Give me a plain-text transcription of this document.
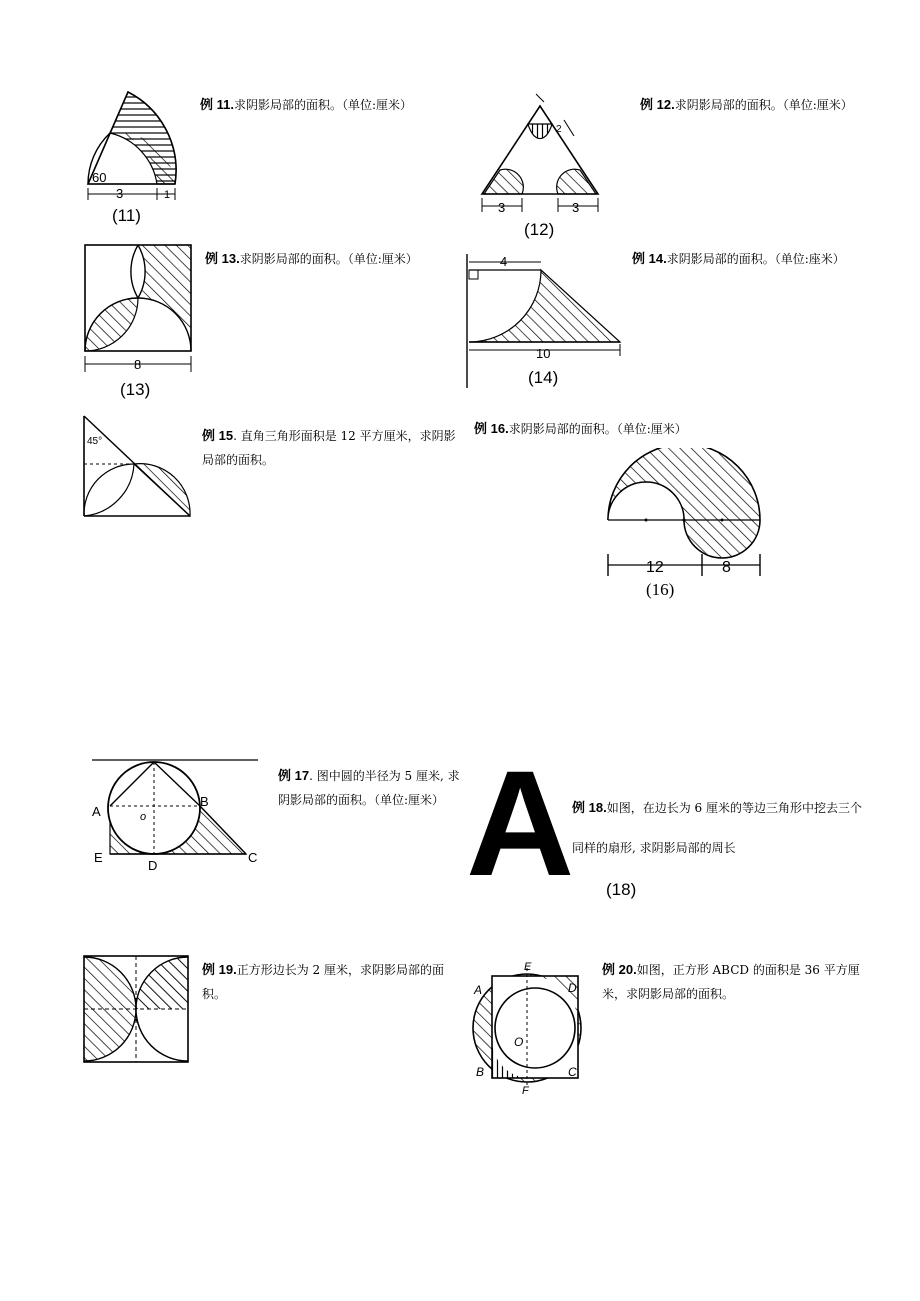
60
3	1
(11)
例 11.求阴影局部的面积。（单位:厘米）
2
3	3
(12)
例 12.求阴影局部的面积。（单位:厘米）
8
(13)
例 13.求阴影局部的面积。（单位:厘米）	4
10
(14)
例 14.求阴影局部的面积。（单位:座米）
45°	例 15. 直角三角形面积是 12 平方厘米，求阴影局部的面积。
例 16.求阴影局部的面积。（单位:厘米）
12	8
(16)
A
B
C
D
E
o
例 17. 图中圆的半径为 5 厘米, 求阴影局部的面积。（单位:厘米） A
例 18.如图，在边长为 6 厘米的等边三角形中挖去三个同样的扇形, 求阴影局部的周长
(18)
例 19.正方形边长为 2 厘米，求阴影局部的面积。	A
B	C
D
E
F
O
例 20.如图，正方形 ABCD 的面积是 36 平方厘米，求阴影局部的面积。
